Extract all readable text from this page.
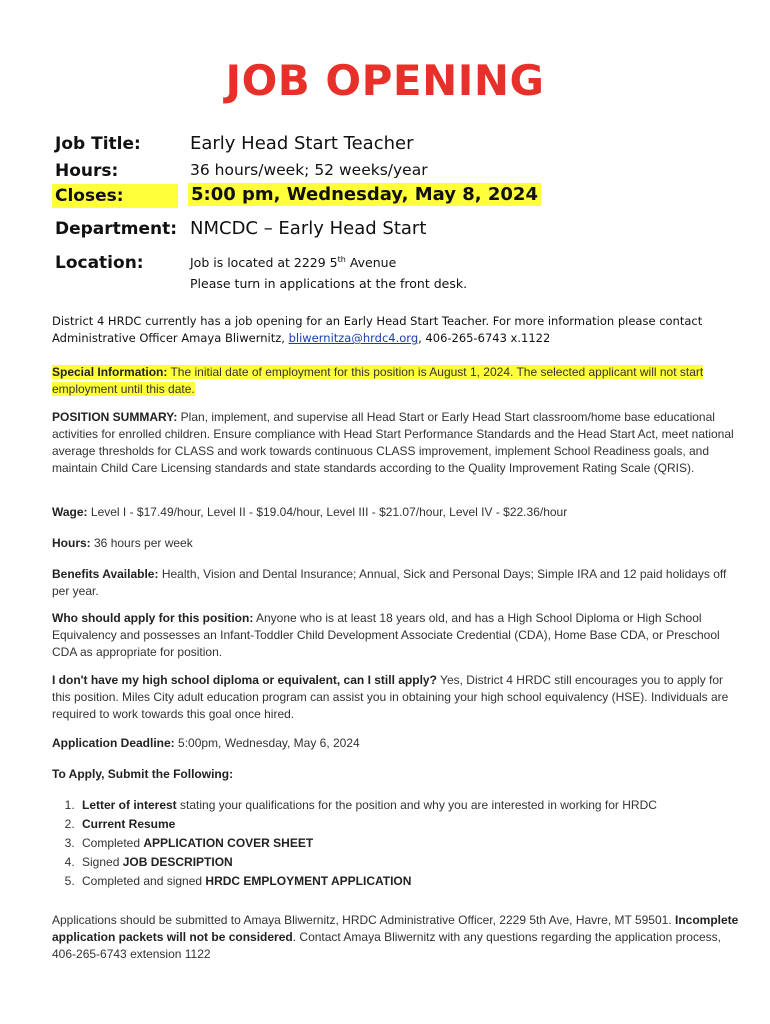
JOB OPENING
Job Title:	Early Head Start Teacher
Hours:	36 hours/week; 52 weeks/year
Closes:	5:00 pm, Wednesday, May 8, 2024
Department: NMCDC – Early Head Start
Location:	Job is located at 2229 5th Avenue
Please turn in applications at the front desk.
District 4 HRDC currently has a job opening for an Early Head Start Teacher. For more information please contact Administrative Officer Amaya Bliwernitz, bliwernitza@hrdc4.org, 406-265-6743 x.1122
Special Information: The initial date of employment for this position is August 1, 2024. The selected applicant will not start employment until this date.
POSITION SUMMARY: Plan, implement, and supervise all Head Start or Early Head Start classroom/home base educational activities for enrolled children. Ensure compliance with Head Start Performance Standards and the Head Start Act, meet national average thresholds for CLASS and work towards continuous CLASS improvement, implement School Readiness goals, and maintain Child Care Licensing standards and state standards according to the Quality Improvement Rating Scale (QRIS).
Wage: Level I - $17.49/hour, Level II - $19.04/hour, Level III - $21.07/hour, Level IV - $22.36/hour
Hours: 36 hours per week
Benefits Available: Health, Vision and Dental Insurance; Annual, Sick and Personal Days; Simple IRA and 12 paid holidays off per year.
Who should apply for this position: Anyone who is at least 18 years old, and has a High School Diploma or High School Equivalency and possesses an Infant-Toddler Child Development Associate Credential (CDA), Home Base CDA, or Preschool CDA as appropriate for position.
I don't have my high school diploma or equivalent, can I still apply? Yes, District 4 HRDC still encourages you to apply for this position. Miles City adult education program can assist you in obtaining your high school equivalency (HSE). Individuals are required to work towards this goal once hired.
Application Deadline: 5:00pm, Wednesday, May 6, 2024
To Apply, Submit the Following:
1. Letter of interest stating your qualifications for the position and why you are interested in working for HRDC
2. Current Resume
3. Completed APPLICATION COVER SHEET
4. Signed JOB DESCRIPTION
5. Completed and signed HRDC EMPLOYMENT APPLICATION
Applications should be submitted to Amaya Bliwernitz, HRDC Administrative Officer, 2229 5th Ave, Havre, MT 59501. Incomplete application packets will not be considered. Contact Amaya Bliwernitz with any questions regarding the application process, 406-265-6743 extension 1122
